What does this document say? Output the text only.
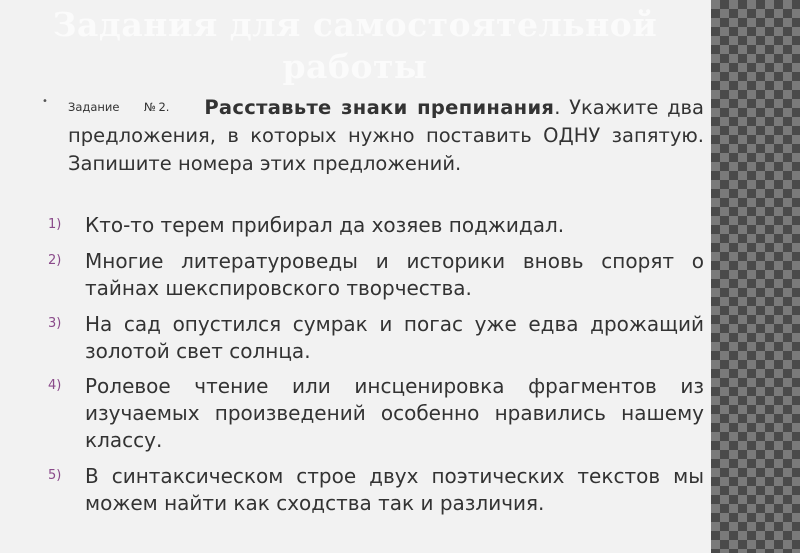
Задания для самостоятельной работы
• Задание №2. Расставьте знаки препинания. Укажите два предложения, в которых нужно поставить ОДНУ запятую. Запишите номера этих предложений.
1)	Кто-то терем прибирал да хозяев поджидал.
2)	Многие литературоведы и историки вновь спорят о тайнах шекспировского творчества.
3)	На сад опустился сумрак и погас уже едва дрожащий золотой свет солнца.
4)	Ролевое чтение или инсценировка фрагментов из изучаемых произведений особенно нравились нашему классу.
5)	В синтаксическом строе двух поэтических текстов мы можем найти как сходства так и различия.
